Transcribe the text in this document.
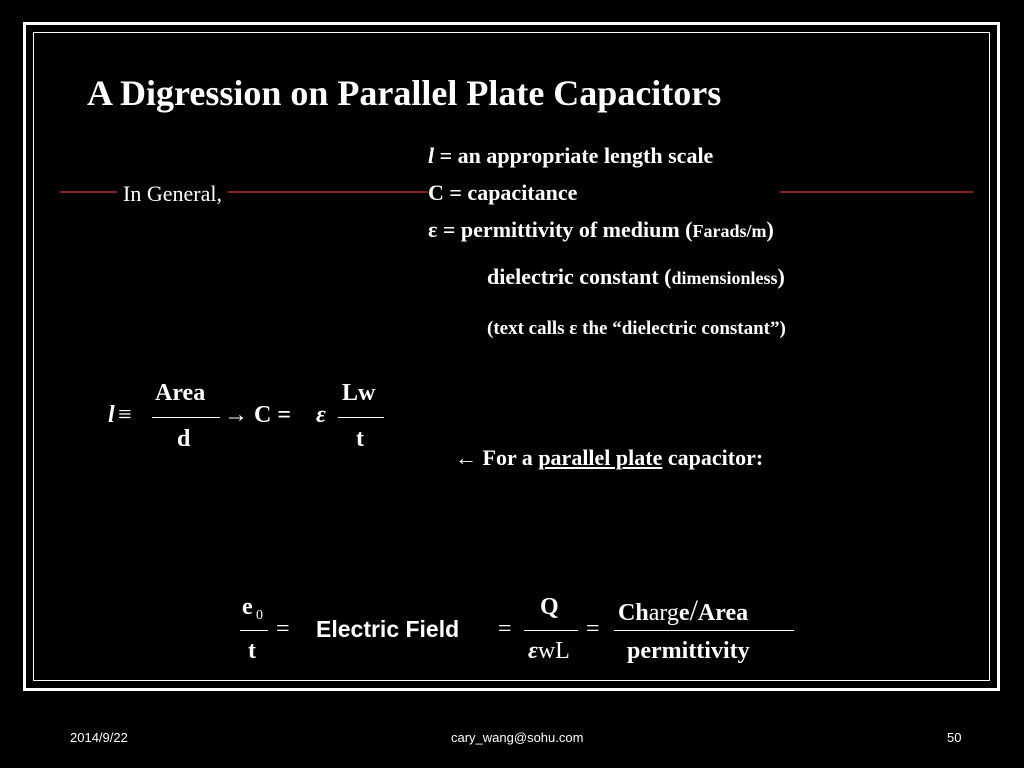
A Digression on Parallel Plate Capacitors
In General,
l = an appropriate length scale
C = capacitance
ε = permittivity of medium (Farads/m)
dielectric constant (dimensionless)
(text calls ε the “dielectric constant”)
l ≡
Area
d
→ C = ε
Lw
t
← For a parallel plate capacitor:
e 0
t
= Electric Field =
Q
εwL
=
Charge/Area
permittivity
2014/9/22	cary_wang@sohu.com	50
